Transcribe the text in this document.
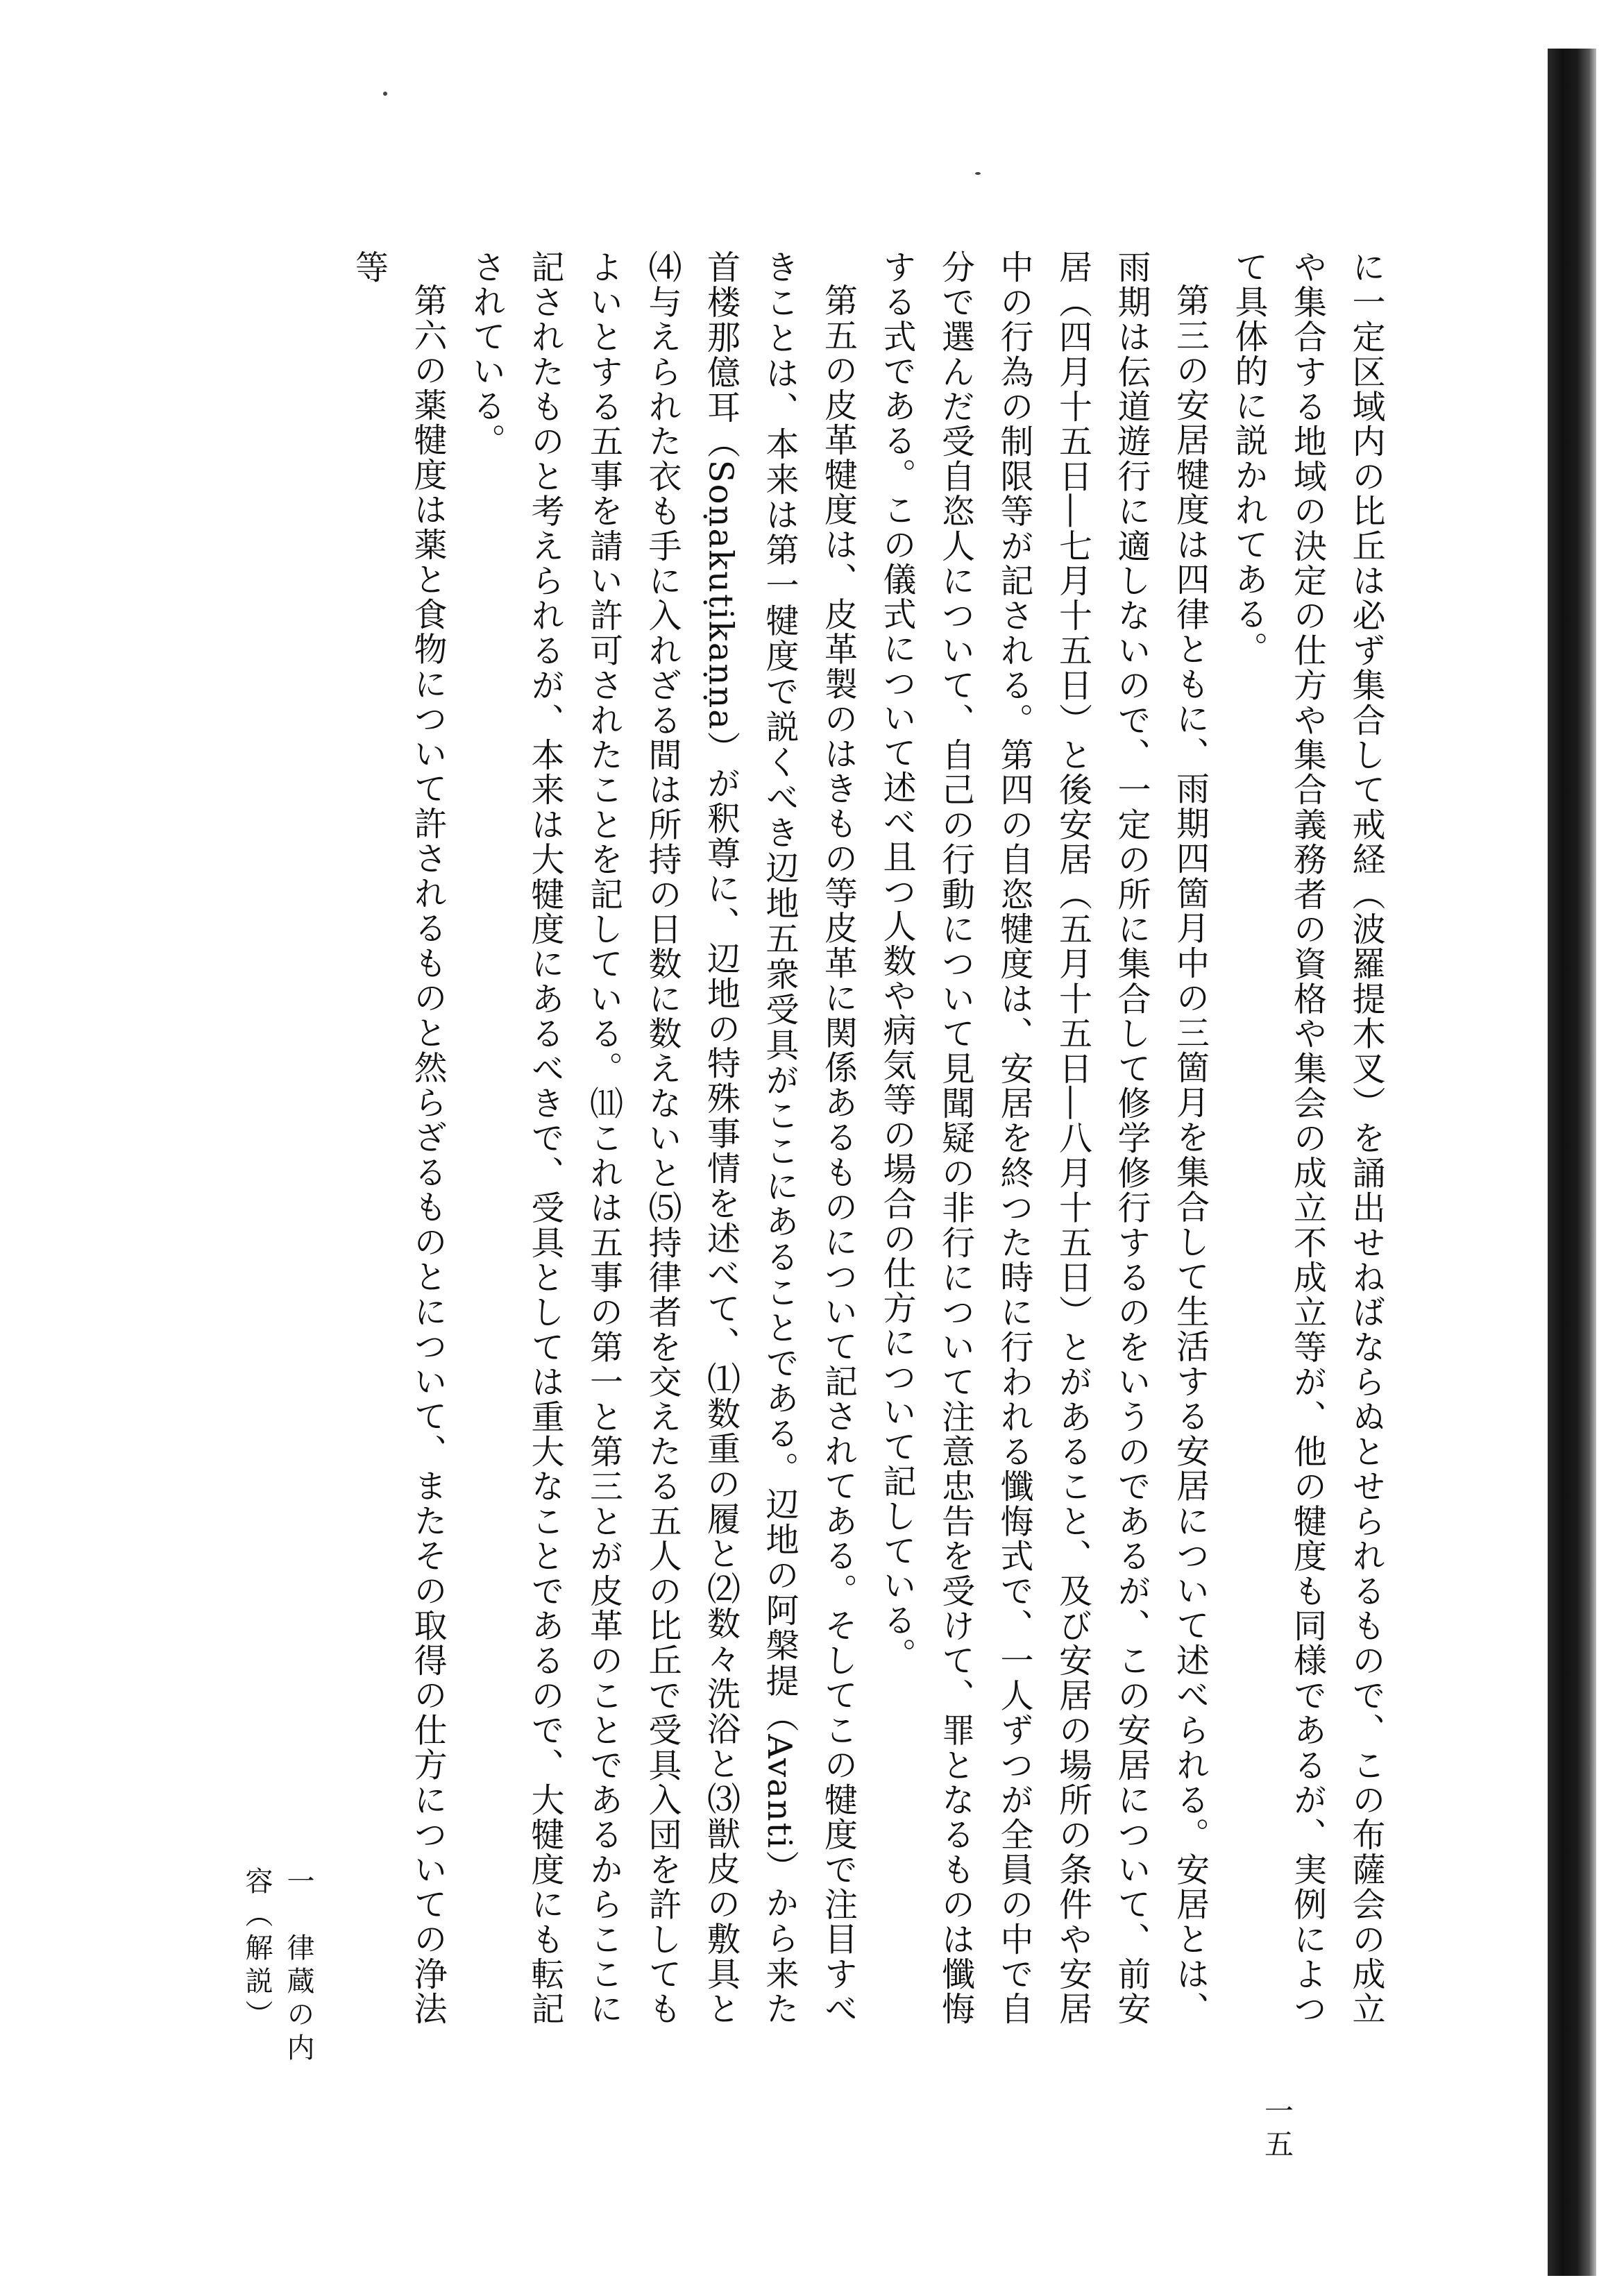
に一定区域内の比丘は必ず集合して戒経（波羅提木叉）を誦出せねばならぬとせられるもので、この布薩会の成立や集合する地域の決定の仕方や集合義務者の資格や集会の成立不成立等が、他の犍度も同様であるが、実例によつて具体的に説かれてある。

第三の安居犍度は四律ともに、雨期四箇月中の三箇月を集合して生活する安居について述べられる。安居とは、雨期は伝道遊行に適しないので、一定の所に集合して修学修行するのをいうのであるが、この安居について、前安居（四月十五日―七月十五日）と後安居（五月十五日―八月十五日）とがあること、及び安居の場所の条件や安居中の行為の制限等が記される。第四の自恣犍度は、安居を終つた時に行われる懺悔式で、一人ずつが全員の中で自分で選んだ受自恣人について、自己の行動について見聞疑の非行について注意忠告を受けて、罪となるものは懺悔する式である。この儀式について述べ且つ人数や病気等の場合の仕方について記している。

第五の皮革犍度は、皮革製のはきもの等皮革に関係あるものについて記されてある。そしてこの犍度で注目すべきことは、本来は第一犍度で説くべき辺地五衆受具がここにあることである。辺地の阿槃提（Avanti）から来た首楼那億耳（Soṇakuṭikaṇṇa）が釈尊に、辺地の特殊事情を述べて、⑴数重の履と⑵数々洗浴と⑶獣皮の敷具と⑷与えられた衣も手に入れざる間は所持の日数に数えないと⑸持律者を交えたる五人の比丘で受具入団を許してもよいとする五事を請い許可されたことを記している。⑾これは五事の第一と第三とが皮革のことであるからここに記されたものと考えられるが、本来は大犍度にあるべきで、受具としては重大なことであるので、大犍度にも転記されている。

第六の薬犍度は薬と食物について許されるものと然らざるものとについて、またその取得の仕方についての浄法等

一　律蔵の内容（解説）
一五
